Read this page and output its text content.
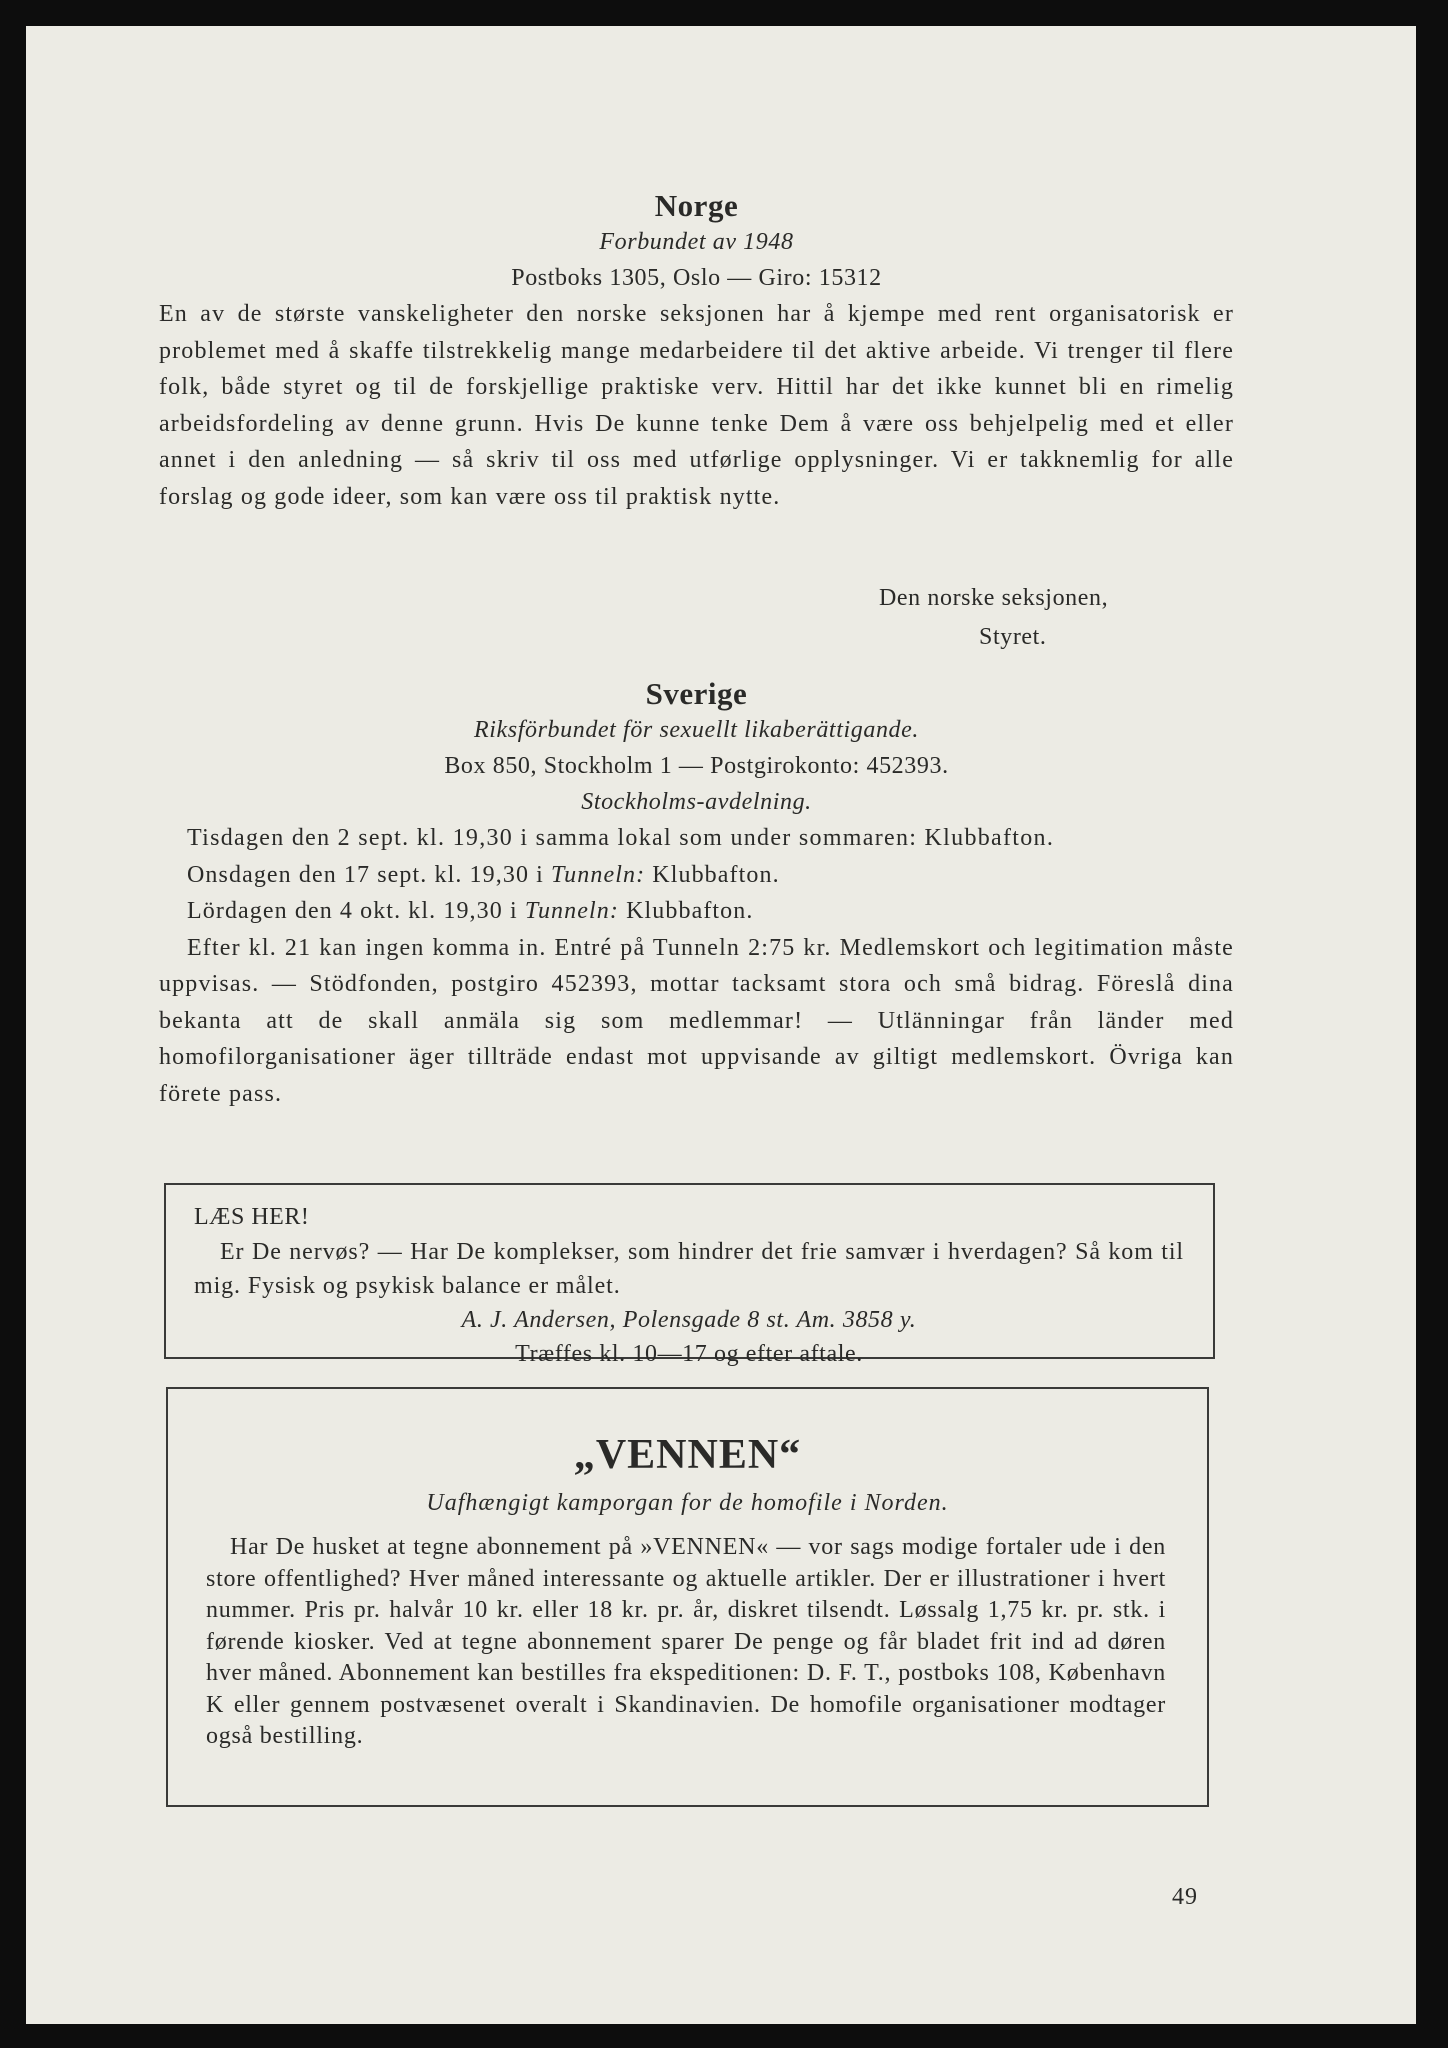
Norge
Forbundet av 1948
Postboks 1305, Oslo — Giro: 15312

En av de største vanskeligheter den norske seksjonen har å kjempe med rent organisatorisk er problemet med å skaffe tilstrekkelig mange medarbeidere til det aktive arbeide. Vi trenger til flere folk, både styret og til de forskjellige praktiske verv. Hittil har det ikke kunnet bli en rimelig arbeidsfordeling av denne grunn. Hvis De kunne tenke Dem å være oss behjelpelig med et eller annet i den anledning — så skriv til oss med utførlige opplysninger. Vi er takknemlig for alle forslag og gode ideer, som kan være oss til praktisk nytte.

Den norske seksjonen,
Styret.
Sverige
Riksförbundet för sexuellt likaberättigande.
Box 850, Stockholm 1 — Postgirokonto: 452393.
Stockholms-avdelning.

Tisdagen den 2 sept. kl. 19,30 i samma lokal som under sommaren: Klubbafton.

Onsdagen den 17 sept. kl. 19,30 i Tunneln: Klubbafton.

Lördagen den 4 okt. kl. 19,30 i Tunneln: Klubbafton.

Efter kl. 21 kan ingen komma in. Entré på Tunneln 2:75 kr. Medlemskort och legitimation måste uppvisas. — Stödfonden, postgiro 452393, mottar tacksamt stora och små bidrag. Föreslå dina bekanta att de skall anmäla sig som medlemmar! — Utlänningar från länder med homofilorganisationer äger tillträde endast mot uppvisande av giltigt medlemskort. Övriga kan förete pass.

LÆS HER!

Er De nervøs? — Har De komplekser, som hindrer det frie samvær i hverdagen? Så kom til mig. Fysisk og psykisk balance er målet.

A. J. Andersen, Polensgade 8 st. Am. 3858 y.
Træffes kl. 10—17 og efter aftale.
„VENNEN“
Uafhængigt kamporgan for de homofile i Norden.

Har De husket at tegne abonnement på »VENNEN« — vor sags modige fortaler ude i den store offentlighed? Hver måned interessante og aktuelle artikler. Der er illustrationer i hvert nummer. Pris pr. halvår 10 kr. eller 18 kr. pr. år, diskret tilsendt. Løssalg 1,75 kr. pr. stk. i førende kiosker. Ved at tegne abonnement sparer De penge og får bladet frit ind ad døren hver måned. Abonnement kan bestilles fra ekspeditionen: D. F. T., postboks 108, København K eller gennem postvæsenet overalt i Skandinavien. De homofile organisationer modtager også bestilling.

49
